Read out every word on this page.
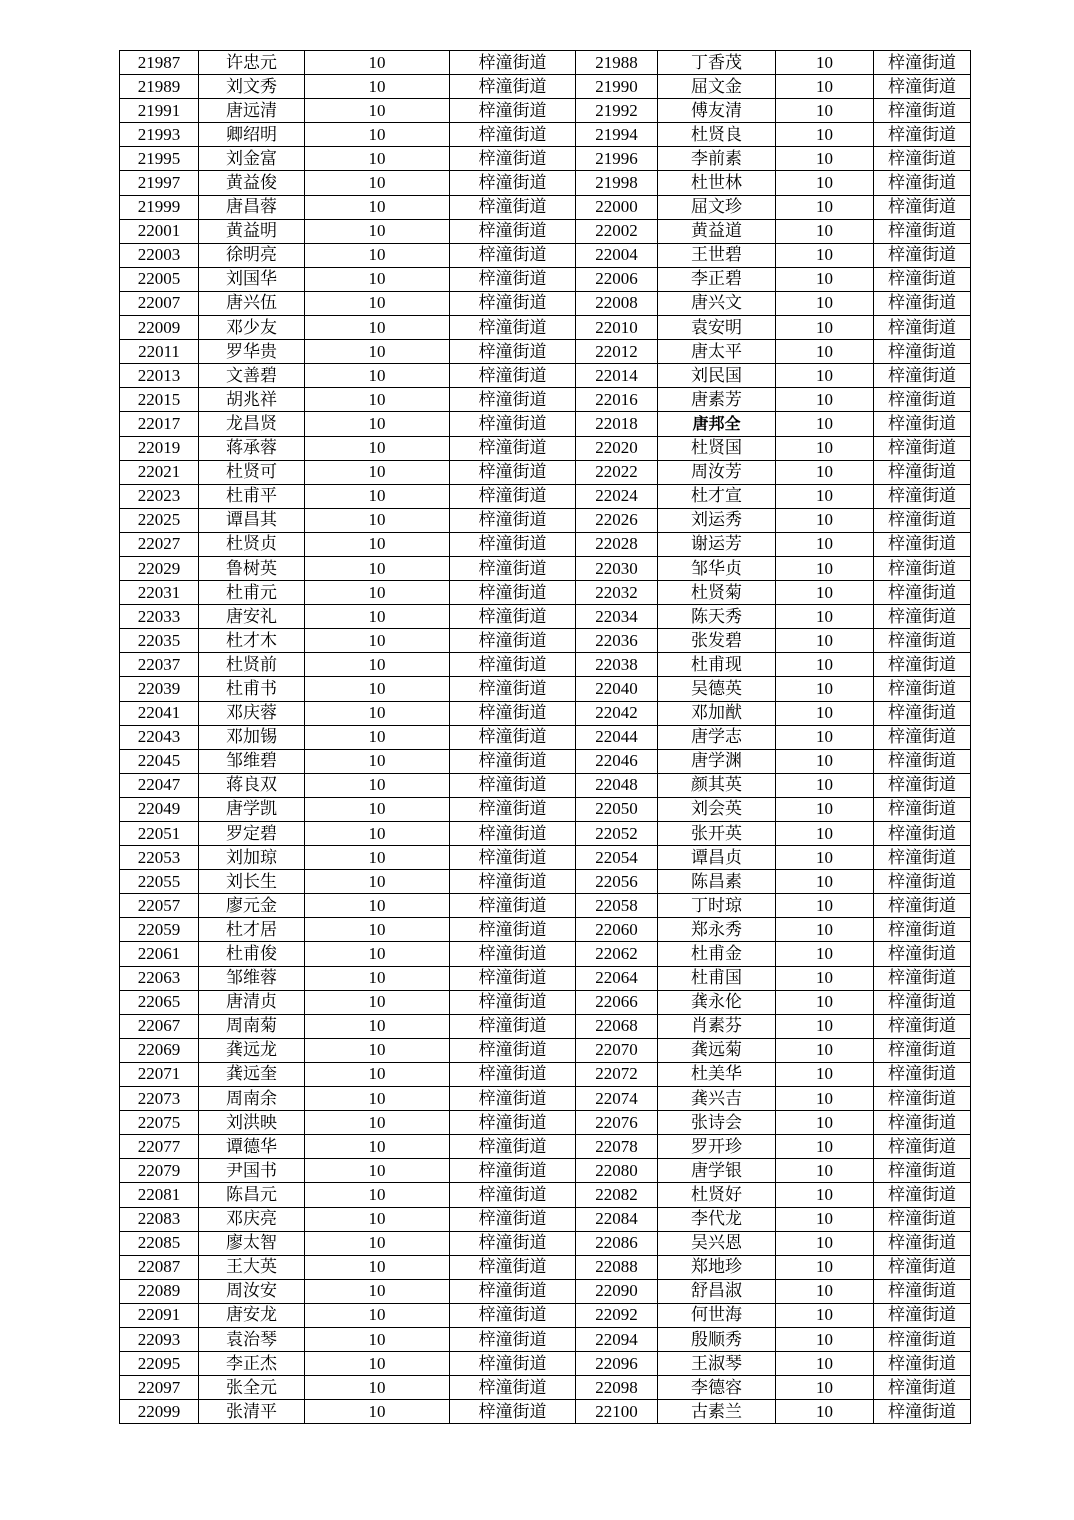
21987	许忠元	10	梓潼街道	21988	丁香茂	10	梓潼街道
21989	刘文秀	10	梓潼街道	21990	屈文金	10	梓潼街道
21991	唐远清	10	梓潼街道	21992	傅友清	10	梓潼街道
21993	卿绍明	10	梓潼街道	21994	杜贤良	10	梓潼街道
21995	刘金富	10	梓潼街道	21996	李前素	10	梓潼街道
21997	黄益俊	10	梓潼街道	21998	杜世林	10	梓潼街道
21999	唐昌蓉	10	梓潼街道	22000	屈文珍	10	梓潼街道
22001	黄益明	10	梓潼街道	22002	黄益道	10	梓潼街道
22003	徐明亮	10	梓潼街道	22004	王世碧	10	梓潼街道
22005	刘国华	10	梓潼街道	22006	李正碧	10	梓潼街道
22007	唐兴伍	10	梓潼街道	22008	唐兴文	10	梓潼街道
22009	邓少友	10	梓潼街道	22010	袁安明	10	梓潼街道
22011	罗华贵	10	梓潼街道	22012	唐太平	10	梓潼街道
22013	文善碧	10	梓潼街道	22014	刘民国	10	梓潼街道
22015	胡兆祥	10	梓潼街道	22016	唐素芳	10	梓潼街道
22017	龙昌贤	10	梓潼街道	22018	唐邦全	10	梓潼街道
22019	蒋承蓉	10	梓潼街道	22020	杜贤国	10	梓潼街道
22021	杜贤可	10	梓潼街道	22022	周汝芳	10	梓潼街道
22023	杜甫平	10	梓潼街道	22024	杜才宣	10	梓潼街道
22025	谭昌其	10	梓潼街道	22026	刘运秀	10	梓潼街道
22027	杜贤贞	10	梓潼街道	22028	谢运芳	10	梓潼街道
22029	鲁树英	10	梓潼街道	22030	邹华贞	10	梓潼街道
22031	杜甫元	10	梓潼街道	22032	杜贤菊	10	梓潼街道
22033	唐安礼	10	梓潼街道	22034	陈天秀	10	梓潼街道
22035	杜才木	10	梓潼街道	22036	张发碧	10	梓潼街道
22037	杜贤前	10	梓潼街道	22038	杜甫现	10	梓潼街道
22039	杜甫书	10	梓潼街道	22040	吴德英	10	梓潼街道
22041	邓庆蓉	10	梓潼街道	22042	邓加猷	10	梓潼街道
22043	邓加锡	10	梓潼街道	22044	唐学志	10	梓潼街道
22045	邹维碧	10	梓潼街道	22046	唐学渊	10	梓潼街道
22047	蒋良双	10	梓潼街道	22048	颜其英	10	梓潼街道
22049	唐学凯	10	梓潼街道	22050	刘会英	10	梓潼街道
22051	罗定碧	10	梓潼街道	22052	张开英	10	梓潼街道
22053	刘加琼	10	梓潼街道	22054	谭昌贞	10	梓潼街道
22055	刘长生	10	梓潼街道	22056	陈昌素	10	梓潼街道
22057	廖元金	10	梓潼街道	22058	丁时琼	10	梓潼街道
22059	杜才居	10	梓潼街道	22060	郑永秀	10	梓潼街道
22061	杜甫俊	10	梓潼街道	22062	杜甫金	10	梓潼街道
22063	邹维蓉	10	梓潼街道	22064	杜甫国	10	梓潼街道
22065	唐清贞	10	梓潼街道	22066	龚永伦	10	梓潼街道
22067	周南菊	10	梓潼街道	22068	肖素芬	10	梓潼街道
22069	龚远龙	10	梓潼街道	22070	龚远菊	10	梓潼街道
22071	龚远奎	10	梓潼街道	22072	杜美华	10	梓潼街道
22073	周南余	10	梓潼街道	22074	龚兴吉	10	梓潼街道
22075	刘洪映	10	梓潼街道	22076	张诗会	10	梓潼街道
22077	谭德华	10	梓潼街道	22078	罗开珍	10	梓潼街道
22079	尹国书	10	梓潼街道	22080	唐学银	10	梓潼街道
22081	陈昌元	10	梓潼街道	22082	杜贤好	10	梓潼街道
22083	邓庆亮	10	梓潼街道	22084	李代龙	10	梓潼街道
22085	廖太智	10	梓潼街道	22086	吴兴恩	10	梓潼街道
22087	王大英	10	梓潼街道	22088	郑地珍	10	梓潼街道
22089	周汝安	10	梓潼街道	22090	舒昌淑	10	梓潼街道
22091	唐安龙	10	梓潼街道	22092	何世海	10	梓潼街道
22093	袁治琴	10	梓潼街道	22094	殷顺秀	10	梓潼街道
22095	李正杰	10	梓潼街道	22096	王淑琴	10	梓潼街道
22097	张全元	10	梓潼街道	22098	李德容	10	梓潼街道
22099	张清平	10	梓潼街道	22100	古素兰	10	梓潼街道
